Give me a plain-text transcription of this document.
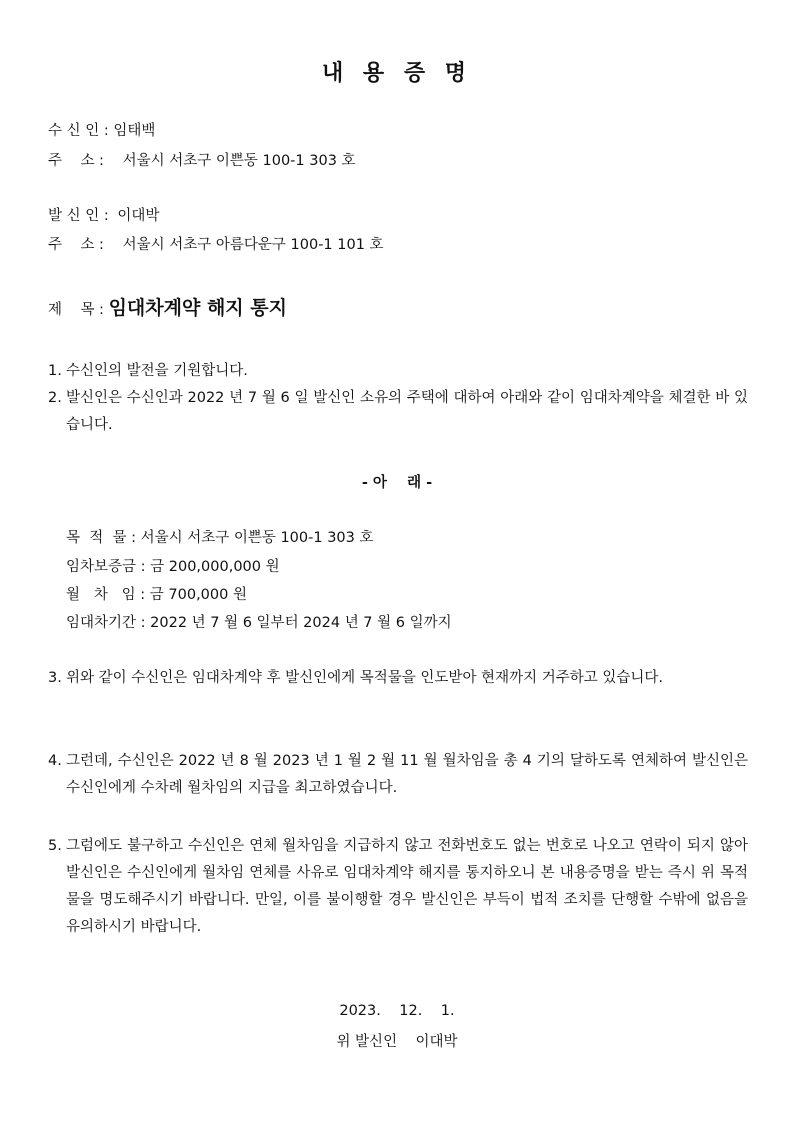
내 용 증 명
수 신 인 : 임태백
주    소 : 서울시 서초구 이쁜동 100-1 303 호
발 신 인 : 이대박
주    소 : 서울시 서초구 아름다운구 100-1 101 호
제    목 : 임대차계약 해지 통지
1. 수신인의 발전을 기원합니다.
2. 발신인은 수신인과 2022 년 7 월 6 일 발신인 소유의 주택에 대하여 아래와 같이 임대차계약을 체결한 바 있습니다.
- 아    래 -
목  적  물 : 서울시 서초구 이쁜동 100-1 303 호
임차보증금 : 금 200,000,000 원
월   차   임 : 금 700,000 원
임대차기간 : 2022 년 7 월 6 일부터 2024 년 7 월 6 일까지
3. 위와 같이 수신인은 임대차계약 후 발신인에게 목적물을 인도받아 현재까지 거주하고 있습니다.
4. 그런데, 수신인은 2022 년 8 월 2023 년 1 월 2 월 11 월 월차임을 총 4 기의 달하도록 연체하여 발신인은 수신인에게 수차례 월차임의 지급을 최고하였습니다.
5. 그럼에도 불구하고 수신인은 연체 월차임을 지급하지 않고 전화번호도 없는 번호로 나오고 연락이 되지 않아 발신인은 수신인에게 월차임 연체를 사유로 임대차계약 해지를 통지하오니 본 내용증명을 받는 즉시 위 목적물을 명도해주시기 바랍니다. 만일, 이를 불이행할 경우 발신인은 부득이 법적 조치를 단행할 수밖에 없음을 유의하시기 바랍니다.
2023.    12.    1.
위 발신인    이대박
